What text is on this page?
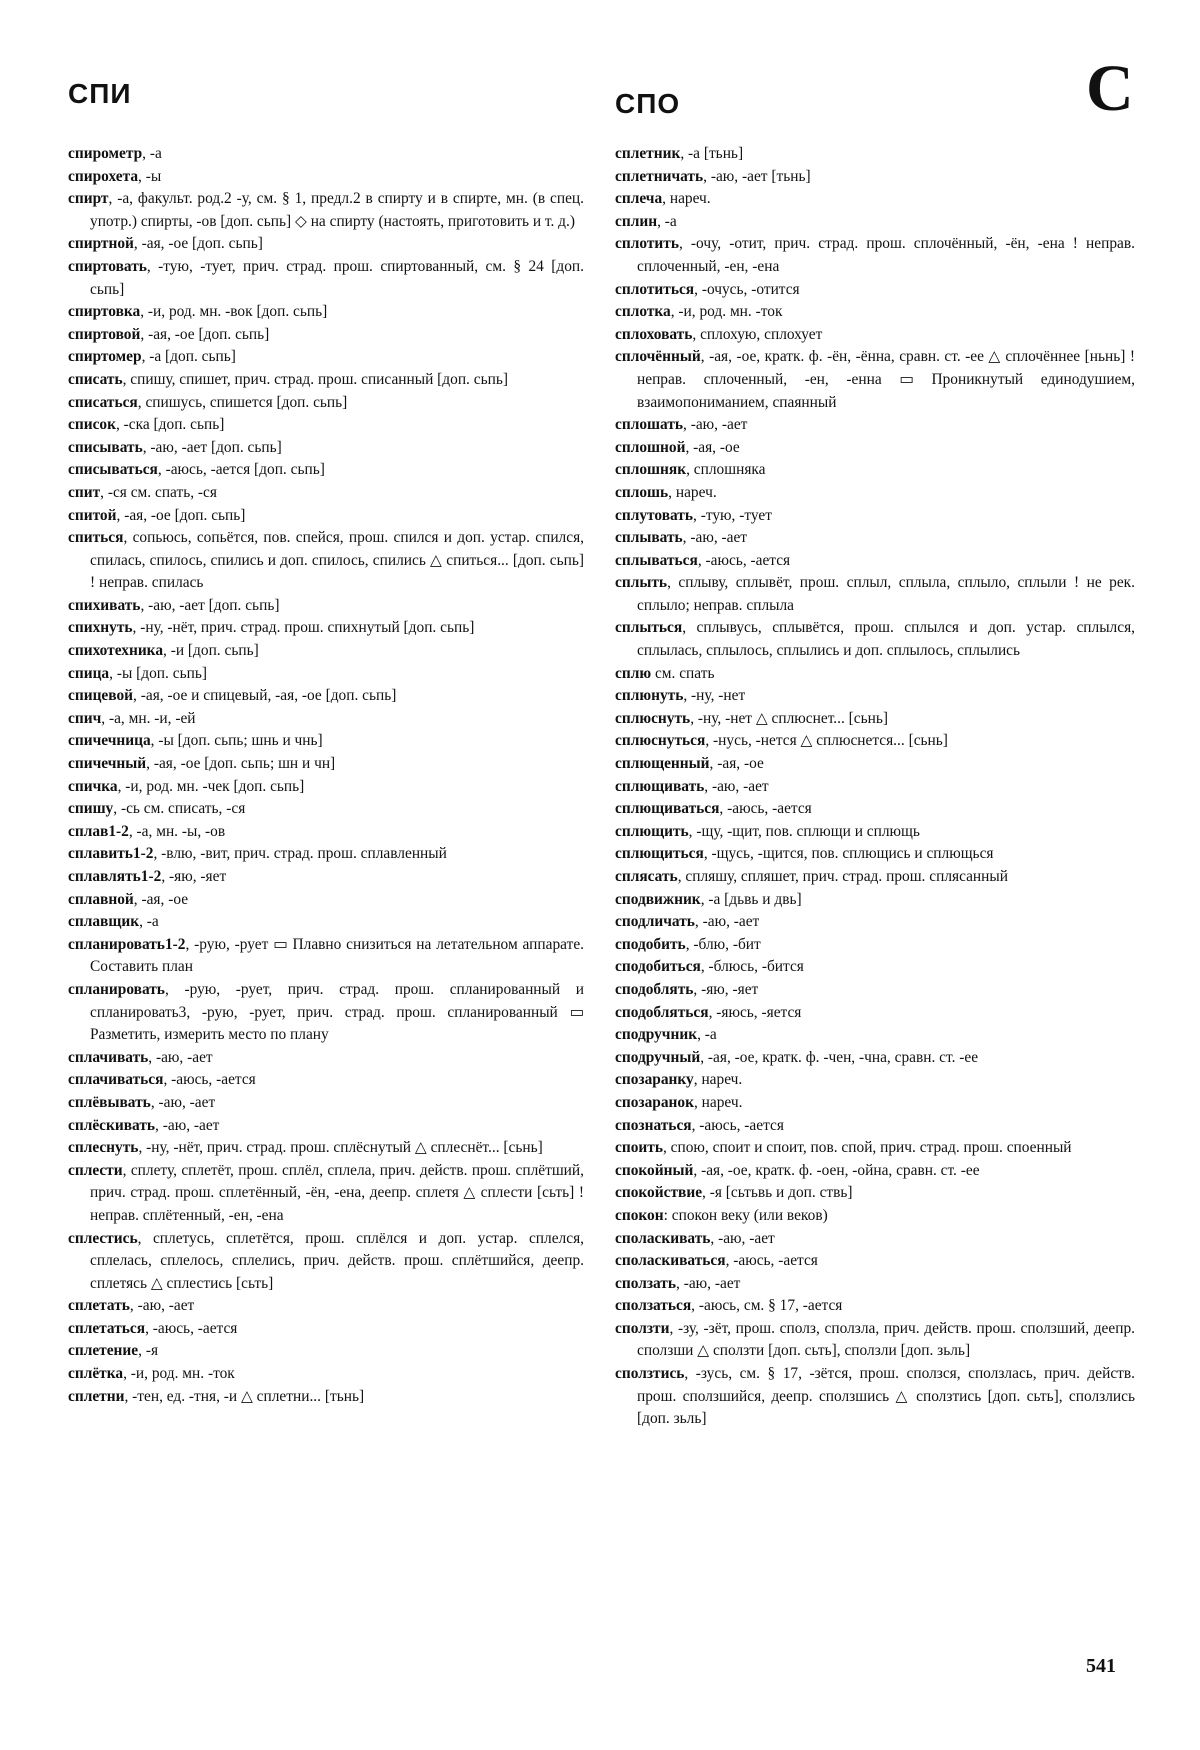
СПИ	СПО	С

спирометр, -а

спирохета, -ы

спирт, -а, факульт. род.2 -у, см. § 1, предл.2 в спирту и в спирте, мн. (в спец. употр.) спирты, -ов [доп. сьпь] ◇ на спирту (настоять, приготовить и т. д.)

спиртной, -ая, -ое [доп. сьпь]

спиртовать, -тую, -тует, прич. страд. прош. спиртованный, см. § 24 [доп. сьпь]

спиртовка, -и, род. мн. -вок [доп. сьпь]

спиртовой, -ая, -ое [доп. сьпь]

спиртомер, -а [доп. сьпь]

списать, спишу, спишет, прич. страд. прош. списанный [доп. сьпь]

списаться, спишусь, спишется [доп. сьпь]

список, -ска [доп. сьпь]

списывать, -аю, -ает [доп. сьпь]

списываться, -аюсь, -ается [доп. сьпь]

спит, -ся см. спать, -ся

спитой, -ая, -ое [доп. сьпь]

спиться, сопьюсь, сопьётся, пов. спейся, прош. спился и доп. устар. спился, спилась, спилось, спились и доп. спилось, спились △ спиться... [доп. сьпь] ! неправ. спилась

спихивать, -аю, -ает [доп. сьпь]

спихнуть, -ну, -нёт, прич. страд. прош. спихнутый [доп. сьпь]

спихотехника, -и [доп. сьпь]

спица, -ы [доп. сьпь]

спицевой, -ая, -ое и спицевый, -ая, -ое [доп. сьпь]

спич, -а, мн. -и, -ей

спичечница, -ы [доп. сьпь; шнь и чнь]

спичечный, -ая, -ое [доп. сьпь; шн и чн]

спичка, -и, род. мн. -чек [доп. сьпь]

спишу, -сь см. списать, -ся

сплав1-2, -а, мн. -ы, -ов

сплавить1-2, -влю, -вит, прич. страд. прош. сплавленный

сплавлять1-2, -яю, -яет

сплавной, -ая, -ое

сплавщик, -а

спланировать1-2, -рую, -рует ▭ Плавно снизиться на летательном аппарате. Составить план

спланировать, -рую, -рует, прич. страд. прош. спланированный и спланировать3, -рую, -рует, прич. страд. прош. спланированный ▭ Разметить, измерить место по плану

сплачивать, -аю, -ает

сплачиваться, -аюсь, -ается

сплёвывать, -аю, -ает

сплёскивать, -аю, -ает

сплеснуть, -ну, -нёт, прич. страд. прош. сплёснутый △ сплеснёт... [сьнь]

сплести, сплету, сплетёт, прош. сплёл, сплела, прич. действ. прош. сплётший, прич. страд. прош. сплетённый, -ён, -ена, деепр. сплетя △ сплести [сьть] ! неправ. сплётенный, -ен, -ена

сплестись, сплетусь, сплетётся, прош. сплёлся и доп. устар. сплелся, сплелась, сплелось, сплелись, прич. действ. прош. сплётшийся, деепр. сплетясь △ сплестись [сьть]

сплетать, -аю, -ает

сплетаться, -аюсь, -ается

сплетение, -я

сплётка, -и, род. мн. -ток

сплетни, -тен, ед. -тня, -и △ сплетни... [тьнь]

сплетник, -а [тьнь]

сплетничать, -аю, -ает [тьнь]

сплеча, нареч.

сплин, -а

сплотить, -очу, -отит, прич. страд. прош. сплочённый, -ён, -ена ! неправ. сплоченный, -ен, -ена

сплотиться, -очусь, -отится

сплотка, -и, род. мн. -ток

сплоховать, сплохую, сплохует

сплочённый, -ая, -ое, кратк. ф. -ён, -ённа, сравн. ст. -ее △ сплочённее [ньнь] ! неправ. сплоченный, -ен, -енна ▭ Проникнутый единодушием, взаимопониманием, спаянный

сплошать, -аю, -ает

сплошной, -ая, -ое

сплошняк, сплошняка

сплошь, нареч.

сплутовать, -тую, -тует

сплывать, -аю, -ает

сплываться, -аюсь, -ается

сплыть, сплыву, сплывёт, прош. сплыл, сплыла, сплыло, сплыли ! не рек. сплыло; неправ. сплыла

сплыться, сплывусь, сплывётся, прош. сплылся и доп. устар. сплылся, сплылась, сплылось, сплылись и доп. сплылось, сплылись

сплю см. спать

сплюнуть, -ну, -нет

сплюснуть, -ну, -нет △ сплюснет... [сьнь]

сплюснуться, -нусь, -нется △ сплюснется... [сьнь]

сплющенный, -ая, -ое

сплющивать, -аю, -ает

сплющиваться, -аюсь, -ается

сплющить, -щу, -щит, пов. сплющи и сплющь

сплющиться, -щусь, -щится, пов. сплющись и сплющься

сплясать, спляшу, спляшет, прич. страд. прош. сплясанный

сподвижник, -а [дьвь и двь]

сподличать, -аю, -ает

сподобить, -блю, -бит

сподобиться, -блюсь, -бится

сподоблять, -яю, -яет

сподобляться, -яюсь, -яется

сподручник, -а

сподручный, -ая, -ое, кратк. ф. -чен, -чна, сравн. ст. -ее

спозаранку, нареч.

спозаранок, нареч.

спознаться, -аюсь, -ается

споить, спою, споит и споит, пов. спой, прич. страд. прош. споенный

спокойный, -ая, -ое, кратк. ф. -оен, -ойна, сравн. ст. -ее

спокойствие, -я [сьтьвь и доп. ствь]

спокон: спокон веку (или веков)

споласкивать, -аю, -ает

споласкиваться, -аюсь, -ается

сползать, -аю, -ает

сползаться, -аюсь, см. § 17, -ается

сползти, -зу, -зёт, прош. сполз, сползла, прич. действ. прош. сползший, деепр. сползши △ сползти [доп. сьть], сползли [доп. зьль]

сползтись, -зусь, см. § 17, -зётся, прош. сползся, сползлась, прич. действ. прош. сползшийся, деепр. сползшись △ сползтись [доп. сьть], сползлись [доп. зьль]

541
